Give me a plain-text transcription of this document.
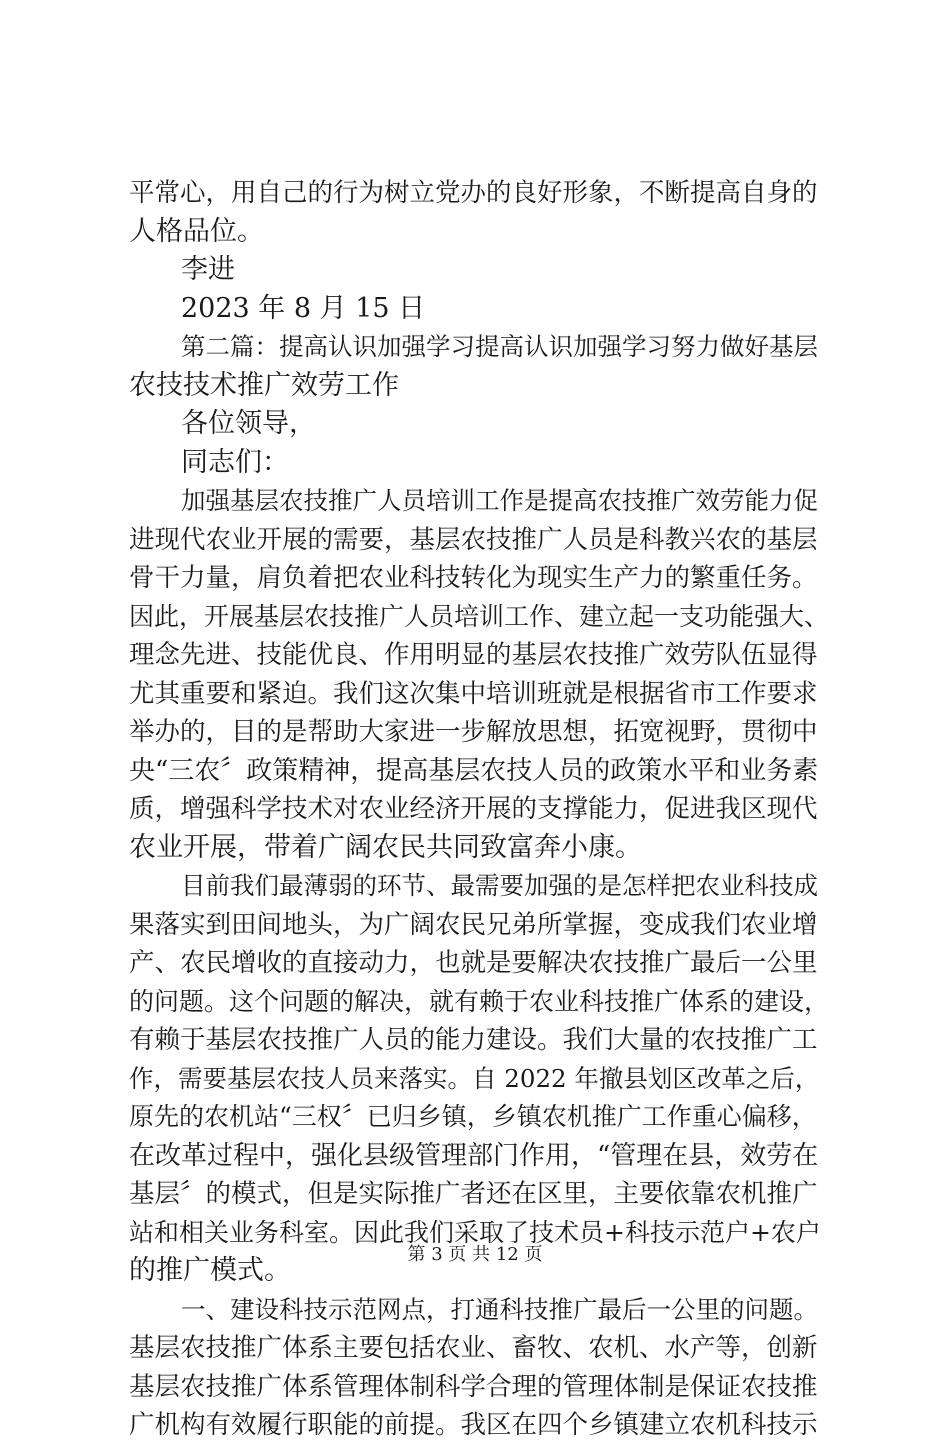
平常心，用自己的行为树立党办的良好形象，不断提高自身的
人格品位。
李进
2023 年 8 月 15 日
第二篇：提高认识加强学习提高认识加强学习努力做好基层
农技技术推广效劳工作
各位领导，
同志们：
加强基层农技推广人员培训工作是提高农技推广效劳能力促
进现代农业开展的需要，基层农技推广人员是科教兴农的基层
骨干力量，肩负着把农业科技转化为现实生产力的繁重任务。
因此，开展基层农技推广人员培训工作、建立起一支功能强大、
理念先进、技能优良、作用明显的基层农技推广效劳队伍显得
尤其重要和紧迫。我们这次集中培训班就是根据省市工作要求
举办的，目的是帮助大家进一步解放思想，拓宽视野，贯彻中
央“三农〞政策精神，提高基层农技人员的政策水平和业务素
质，增强科学技术对农业经济开展的支撑能力，促进我区现代
农业开展，带着广阔农民共同致富奔小康。
目前我们最薄弱的环节、最需要加强的是怎样把农业科技成
果落实到田间地头，为广阔农民兄弟所掌握，变成我们农业增
产、农民增收的直接动力，也就是要解决农技推广最后一公里
的问题。这个问题的解决，就有赖于农业科技推广体系的建设，
有赖于基层农技推广人员的能力建设。我们大量的农技推广工
作，需要基层农技人员来落实。自 2022 年撤县划区改革之后，
原先的农机站“三权〞已归乡镇，乡镇农机推广工作重心偏移，
在改革过程中，强化县级管理部门作用，“管理在县，效劳在
基层〞的模式，但是实际推广者还在区里，主要依靠农机推广
站和相关业务科室。因此我们采取了技术员+科技示范户+农户
的推广模式。
一、建设科技示范网点，打通科技推广最后一公里的问题。
基层农技推广体系主要包括农业、畜牧、农机、水产等，创新
基层农技推广体系管理体制科学合理的管理体制是保证农技推
广机构有效履行职能的前提。我区在四个乡镇建立农机科技示
第 3 页 共 12 页
